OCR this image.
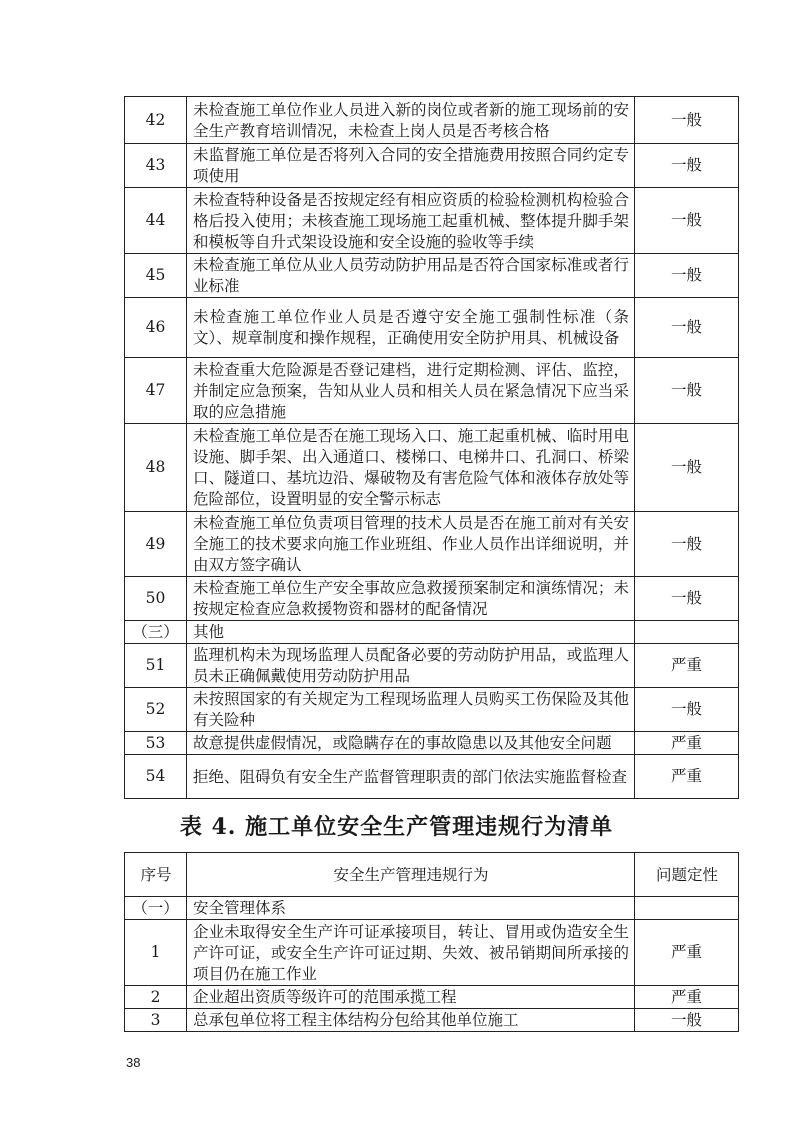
42	未检查施工单位作业人员进入新的岗位或者新的施工现场前的安全生产教育培训情况，未检查上岗人员是否考核合格	一般
43	未监督施工单位是否将列入合同的安全措施费用按照合同约定专项使用	一般
44	未检查特种设备是否按规定经有相应资质的检验检测机构检验合格后投入使用；未核查施工现场施工起重机械、整体提升脚手架和模板等自升式架设设施和安全设施的验收等手续	一般
45	未检查施工单位从业人员劳动防护用品是否符合国家标准或者行业标准	一般
46	未检查施工单位作业人员是否遵守安全施工强制性标准（条文）、规章制度和操作规程，正确使用安全防护用具、机械设备	一般
47	未检查重大危险源是否登记建档，进行定期检测、评估、监控，并制定应急预案，告知从业人员和相关人员在紧急情况下应当采取的应急措施	一般
48	未检查施工单位是否在施工现场入口、施工起重机械、临时用电设施、脚手架、出入通道口、楼梯口、电梯井口、孔洞口、桥梁口、隧道口、基坑边沿、爆破物及有害危险气体和液体存放处等危险部位，设置明显的安全警示标志	一般
49	未检查施工单位负责项目管理的技术人员是否在施工前对有关安全施工的技术要求向施工作业班组、作业人员作出详细说明，并由双方签字确认	一般
50	未检查施工单位生产安全事故应急救援预案制定和演练情况；未按规定检查应急救援物资和器材的配备情况	一般
（三）	其他	
51	监理机构未为现场监理人员配备必要的劳动防护用品，或监理人员未正确佩戴使用劳动防护用品	严重
52	未按照国家的有关规定为工程现场监理人员购买工伤保险及其他有关险种	一般
53	故意提供虚假情况，或隐瞒存在的事故隐患以及其他安全问题	严重
54	拒绝、阻碍负有安全生产监督管理职责的部门依法实施监督检查	严重
表 4. 施工单位安全生产管理违规行为清单
序号	安全生产管理违规行为	问题定性
（一）	安全管理体系	
1	企业未取得安全生产许可证承接项目，转让、冒用或伪造安全生产许可证，或安全生产许可证过期、失效、被吊销期间所承接的项目仍在施工作业	严重
2	企业超出资质等级许可的范围承揽工程	严重
3	总承包单位将工程主体结构分包给其他单位施工	一般
38
